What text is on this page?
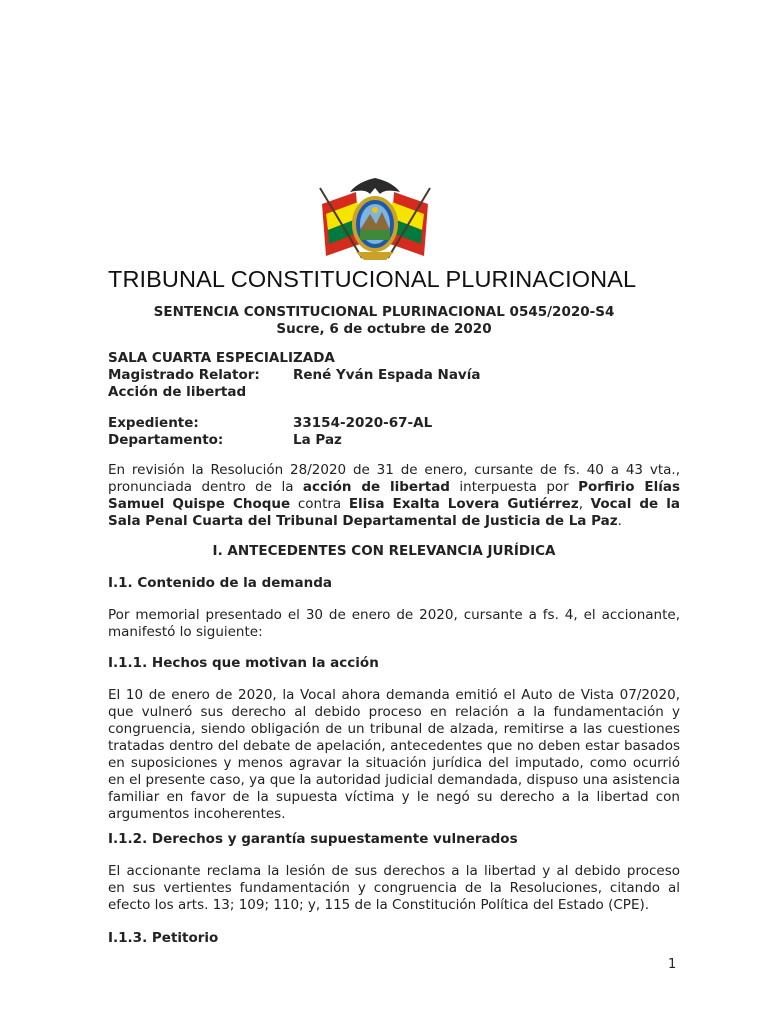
TRIBUNAL CONSTITUCIONAL PLURINACIONAL
SENTENCIA CONSTITUCIONAL PLURINACIONAL 0545/2020-S4
Sucre, 6 de octubre de 2020
SALA CUARTA ESPECIALIZADA
Magistrado Relator: René Yván Espada Navía
Acción de libertad
Expediente:	33154-2020-67-AL
Departamento:	La Paz
En revisión la Resolución 28/2020 de 31 de enero, cursante de fs. 40 a 43 vta.,
pronunciada dentro de la acción de libertad interpuesta por Porfirio Elías
Samuel Quispe Choque contra Elisa Exalta Lovera Gutiérrez, Vocal de la
Sala Penal Cuarta del Tribunal Departamental de Justicia de La Paz.
I. ANTECEDENTES CON RELEVANCIA JURÍDICA
I.1. Contenido de la demanda
Por memorial presentado el 30 de enero de 2020, cursante a fs. 4, el accionante,
manifestó lo siguiente:
I.1.1. Hechos que motivan la acción
El 10 de enero de 2020, la Vocal ahora demanda emitió el Auto de Vista 07/2020,
que vulneró sus derecho al debido proceso en relación a la fundamentación y
congruencia, siendo obligación de un tribunal de alzada, remitirse a las cuestiones
tratadas dentro del debate de apelación, antecedentes que no deben estar basados
en suposiciones y menos agravar la situación jurídica del imputado, como ocurrió
en el presente caso, ya que la autoridad judicial demandada, dispuso una asistencia
familiar en favor de la supuesta víctima y le negó su derecho a la libertad con
argumentos incoherentes.
I.1.2. Derechos y garantía supuestamente vulnerados
El accionante reclama la lesión de sus derechos a la libertad y al debido proceso
en sus vertientes fundamentación y congruencia de la Resoluciones, citando al
efecto los arts. 13; 109; 110; y, 115 de la Constitución Política del Estado (CPE).
I.1.3. Petitorio
1
